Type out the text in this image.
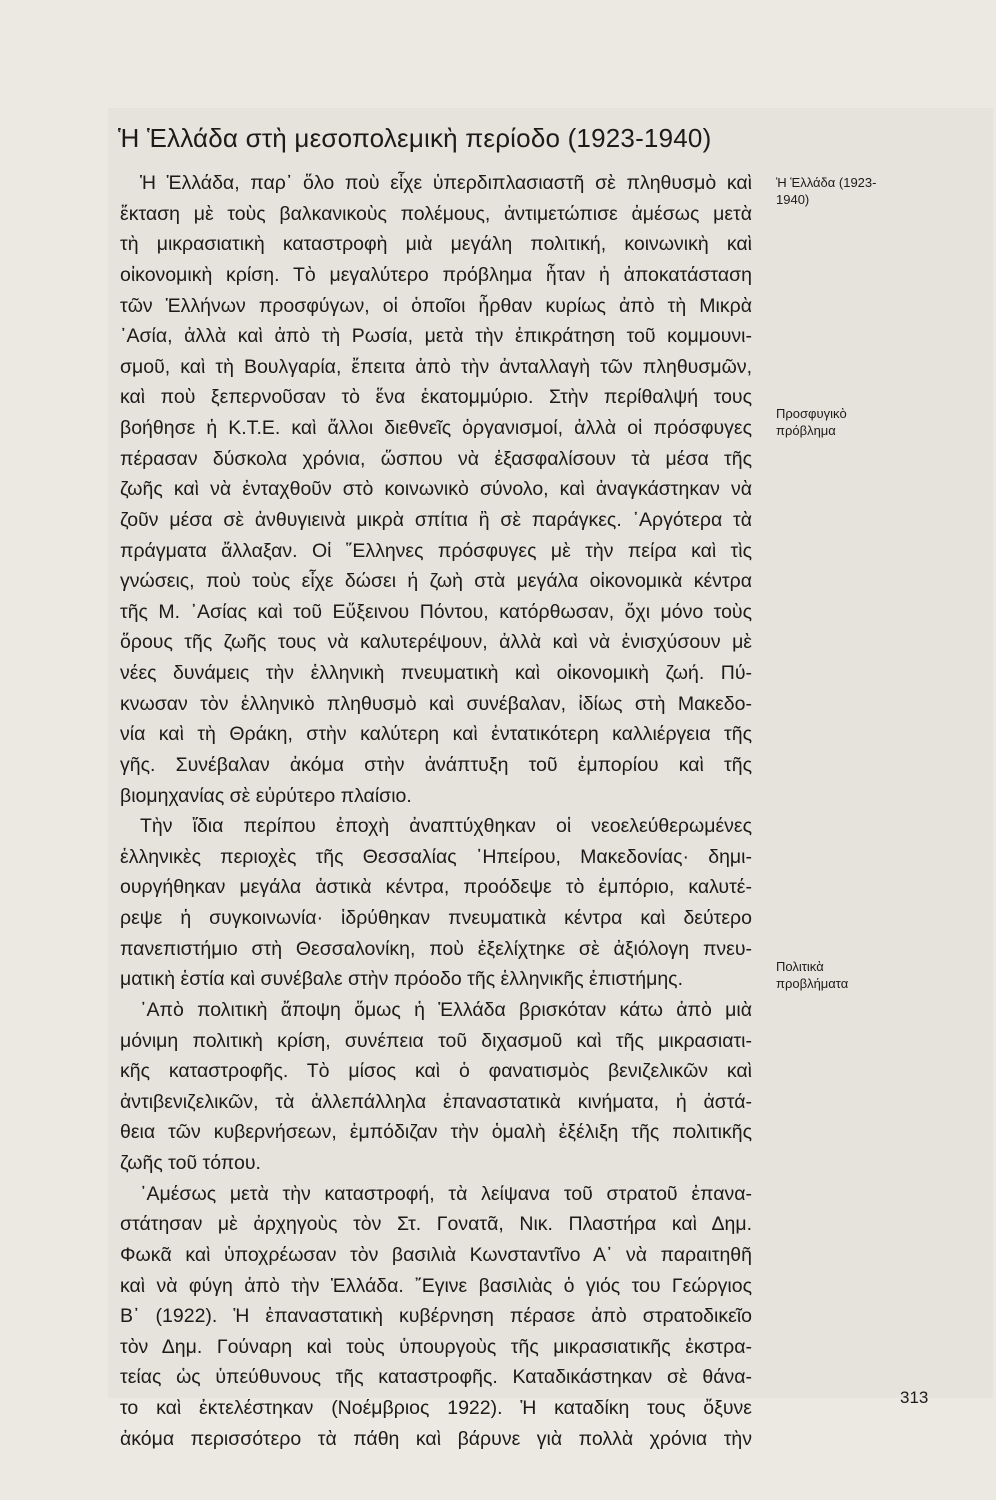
Ἡ Ἑλλάδα στὴ μεσοπολεμικὴ περίοδο (1923-1940)
Ἡ Ἑλλάδα, παρ᾽ ὅλο ποὺ εἶχε ὑπερδιπλασιαστῆ σὲ πληθυσμὸ καὶ
ἔκταση μὲ τοὺς βαλκανικοὺς πολέμους, ἀντιμετώπισε ἀμέσως μετὰ
τὴ μικρασιατικὴ καταστροφὴ μιὰ μεγάλη πολιτική, κοινωνικὴ καὶ
οἰκονομικὴ κρίση. Τὸ μεγαλύτερο πρόβλημα ἦταν ἡ ἀποκατάσταση
τῶν Ἑλλήνων προσφύγων, οἱ ὁποῖοι ἦρθαν κυρίως ἀπὸ τὴ Μικρὰ
᾽Ασία, ἀλλὰ καὶ ἀπὸ τὴ Ρωσία, μετὰ τὴν ἐπικράτηση τοῦ κομμουνι-
σμοῦ, καὶ τὴ Βουλγαρία, ἔπειτα ἀπὸ τὴν ἀνταλλαγὴ τῶν πληθυσμῶν,
καὶ ποὺ ξεπερνοῦσαν τὸ ἕνα ἑκατομμύριο. Στὴν περίθαλψή τους
βοήθησε ἡ Κ.Τ.Ε. καὶ ἄλλοι διεθνεῖς ὀργανισμοί, ἀλλὰ οἱ πρόσφυγες
πέρασαν δύσκολα χρόνια, ὥσπου νὰ ἐξασφαλίσουν τὰ μέσα τῆς
ζωῆς καὶ νὰ ἐνταχθοῦν στὸ κοινωνικὸ σύνολο, καὶ ἀναγκάστηκαν νὰ
ζοῦν μέσα σὲ ἀνθυγιεινὰ μικρὰ σπίτια ἢ σὲ παράγκες. ᾽Αργότερα τὰ
πράγματα ἄλλαξαν. Οἱ ῞Ελληνες πρόσφυγες μὲ τὴν πείρα καὶ τὶς
γνώσεις, ποὺ τοὺς εἶχε δώσει ἡ ζωὴ στὰ μεγάλα οἰκονομικὰ κέντρα
τῆς Μ. ᾽Ασίας καὶ τοῦ Εὔξεινου Πόντου, κατόρθωσαν, ὄχι μόνο τοὺς
ὅρους τῆς ζωῆς τους νὰ καλυτερέψουν, ἀλλὰ καὶ νὰ ἐνισχύσουν μὲ
νέες δυνάμεις τὴν ἑλληνικὴ πνευματικὴ καὶ οἰκονομικὴ ζωή. Πύ-
κνωσαν τὸν ἑλληνικὸ πληθυσμὸ καὶ συνέβαλαν, ἰδίως στὴ Μακεδο-
νία καὶ τὴ Θράκη, στὴν καλύτερη καὶ ἐντατικότερη καλλιέργεια τῆς
γῆς. Συνέβαλαν ἀκόμα στὴν ἀνάπτυξη τοῦ ἐμπορίου καὶ τῆς
βιομηχανίας σὲ εὐρύτερο πλαίσιο.
Τὴν ἴδια περίπου ἐποχὴ ἀναπτύχθηκαν οἱ νεοελεύθερωμένες
ἑλληνικὲς περιοχὲς τῆς Θεσσαλίας ᾽Ηπείρου, Μακεδονίας· δημι-
ουργήθηκαν μεγάλα ἀστικὰ κέντρα, προόδεψε τὸ ἐμπόριο, καλυτέ-
ρεψε ἡ συγκοινωνία· ἱδρύθηκαν πνευματικὰ κέντρα καὶ δεύτερο
πανεπιστήμιο στὴ Θεσσαλονίκη, ποὺ ἐξελίχτηκε σὲ ἀξιόλογη πνευ-
ματικὴ ἑστία καὶ συνέβαλε στὴν πρόοδο τῆς ἑλληνικῆς ἐπιστήμης.
᾽Απὸ πολιτικὴ ἄποψη ὅμως ἡ Ἑλλάδα βρισκόταν κάτω ἀπὸ μιὰ
μόνιμη πολιτικὴ κρίση, συνέπεια τοῦ διχασμοῦ καὶ τῆς μικρασιατι-
κῆς καταστροφῆς. Τὸ μίσος καὶ ὁ φανατισμὸς βενιζελικῶν καὶ
ἀντιβενιζελικῶν, τὰ ἀλλεπάλληλα ἐπαναστατικὰ κινήματα, ἡ ἀστά-
θεια τῶν κυβερνήσεων, ἐμπόδιζαν τὴν ὁμαλὴ ἐξέλιξη τῆς πολιτικῆς
ζωῆς τοῦ τόπου.
᾽Αμέσως μετὰ τὴν καταστροφή, τὰ λείψανα τοῦ στρατοῦ ἐπανα-
στάτησαν μὲ ἀρχηγοὺς τὸν Στ. Γονατᾶ, Νικ. Πλαστήρα καὶ Δημ.
Φωκᾶ καὶ ὑποχρέωσαν τὸν βασιλιὰ Κωνσταντῖνο Α᾽ νὰ παραιτηθῆ
καὶ νὰ φύγη ἀπὸ τὴν Ἑλλάδα. ῎Εγινε βασιλιὰς ὁ γιός του Γεώργιος
Β᾽ (1922). Ἡ ἐπαναστατικὴ κυβέρνηση πέρασε ἀπὸ στρατοδικεῖο
τὸν Δημ. Γούναρη καὶ τοὺς ὑπουργοὺς τῆς μικρασιατικῆς ἐκστρα-
τείας ὡς ὑπεύθυνους τῆς καταστροφῆς. Καταδικάστηκαν σὲ θάνα-
το καὶ ἐκτελέστηκαν (Νοέμβριος 1922). Ἡ καταδίκη τους ὄξυνε
ἀκόμα περισσότερο τὰ πάθη καὶ βάρυνε γιὰ πολλὰ χρόνια τὴν
Ἡ Ἑλλάδα (1923-1940)
Προσφυγικὸ πρόβλημα
Πολιτικὰ προβλήματα
313
